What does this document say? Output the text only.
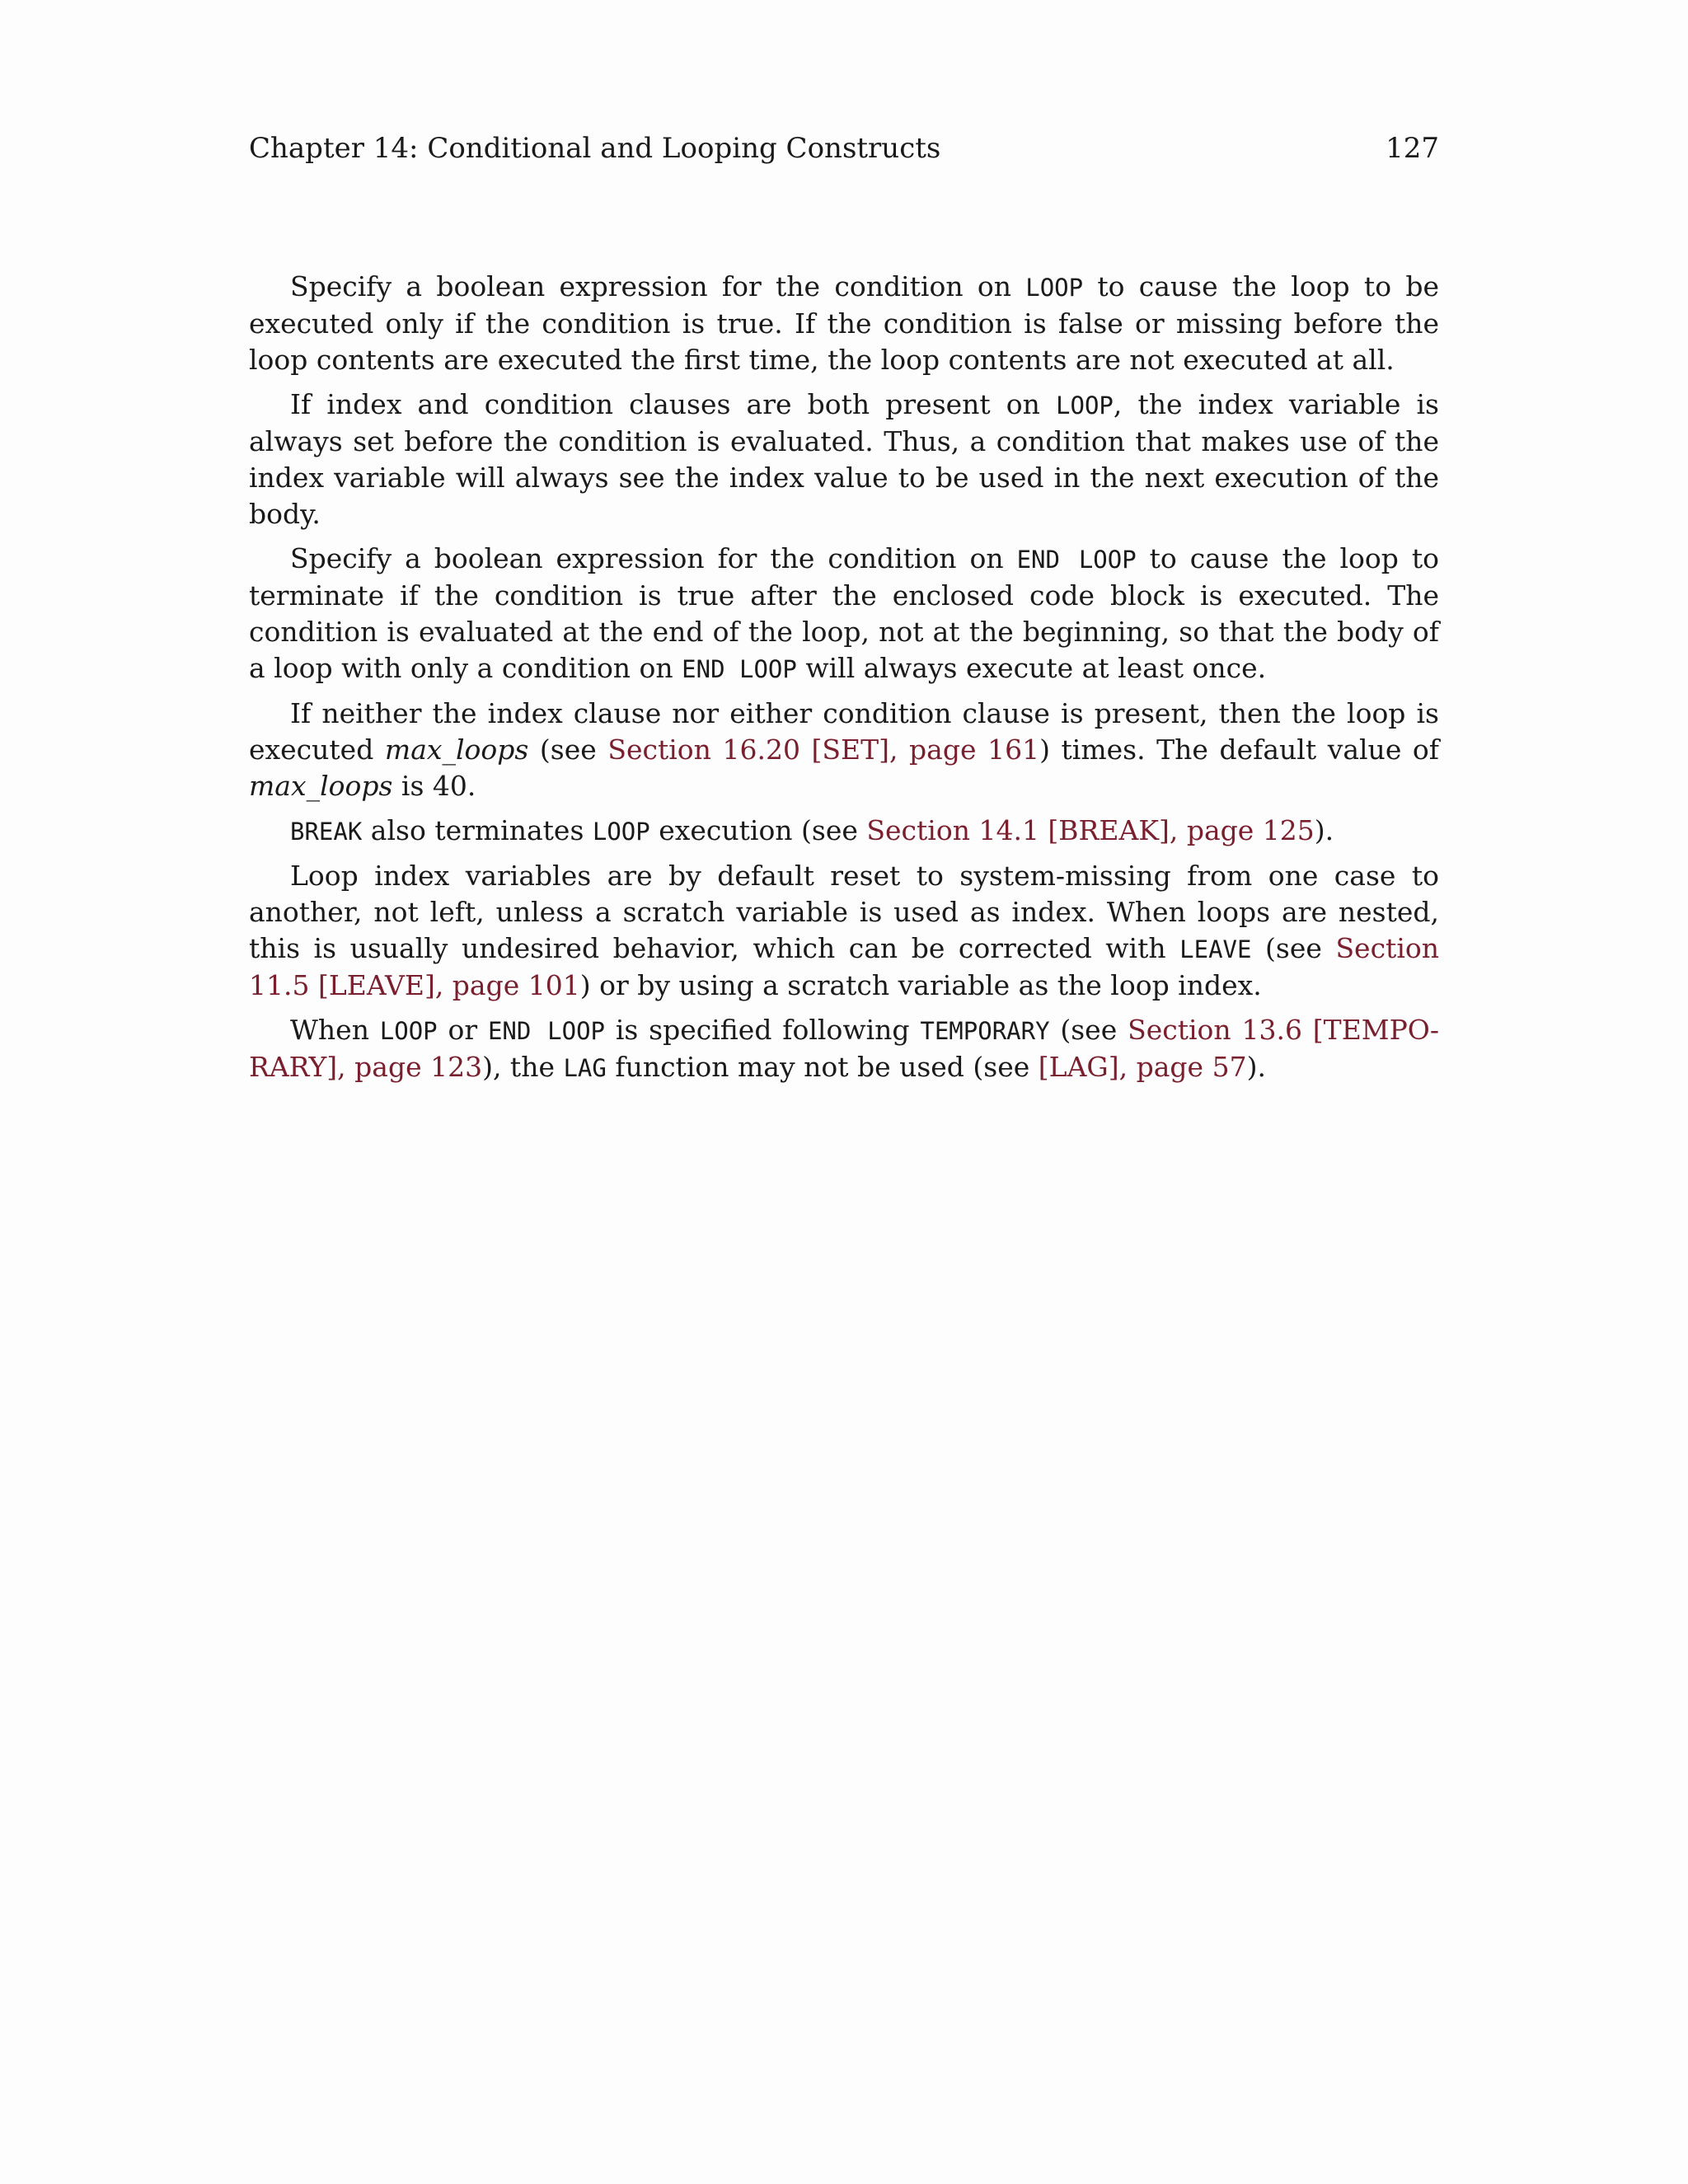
Chapter 14: Conditional and Looping Constructs	127

Specify a boolean expression for the condition on LOOP to cause the loop to be executed only if the condition is true. If the condition is false or missing before the loop contents are executed the first time, the loop contents are not executed at all.

If index and condition clauses are both present on LOOP, the index variable is always set before the condition is evaluated. Thus, a condition that makes use of the index variable will always see the index value to be used in the next execution of the body.

Specify a boolean expression for the condition on END LOOP to cause the loop to terminate if the condition is true after the enclosed code block is executed. The condition is evaluated at the end of the loop, not at the beginning, so that the body of a loop with only a condition on END LOOP will always execute at least once.

If neither the index clause nor either condition clause is present, then the loop is executed max_loops (see Section 16.20 [SET], page 161) times. The default value of max_loops is 40.

BREAK also terminates LOOP execution (see Section 14.1 [BREAK], page 125).

Loop index variables are by default reset to system-missing from one case to another, not left, unless a scratch variable is used as index. When loops are nested, this is usually undesired behavior, which can be corrected with LEAVE (see Section 11.5 [LEAVE], page 101) or by using a scratch variable as the loop index.

When LOOP or END LOOP is specified following TEMPORARY (see Section 13.6 [TEMPORARY], page 123), the LAG function may not be used (see [LAG], page 57).
